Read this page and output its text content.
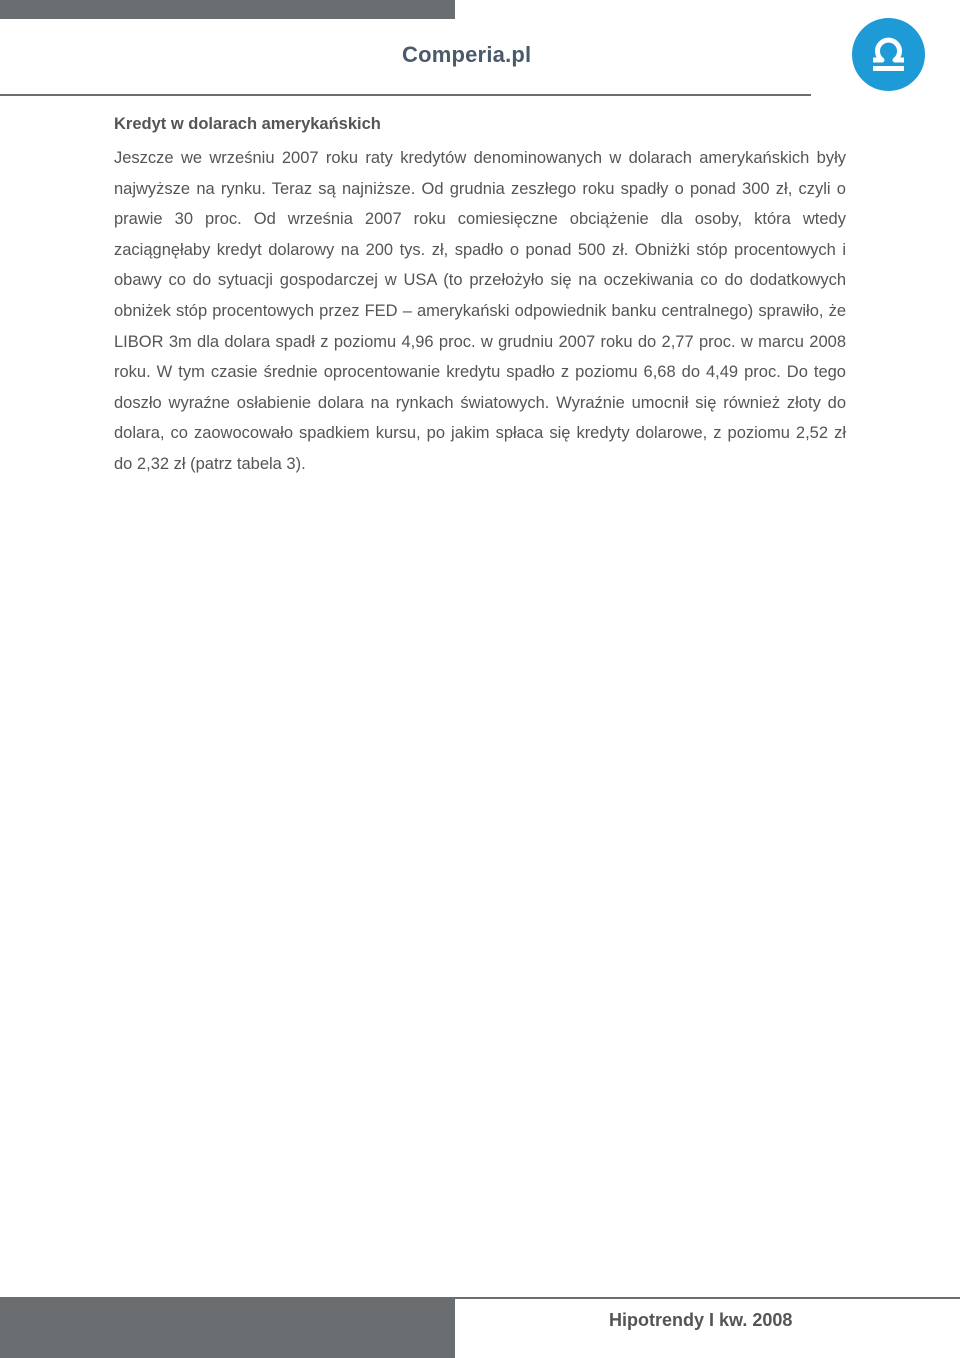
Comperia.pl
Kredyt w dolarach amerykańskich

Jeszcze we wrześniu 2007 roku raty kredytów denominowanych w dolarach amerykańskich były najwyższe na rynku. Teraz są najniższe. Od grudnia zeszłego roku spadły o ponad 300 zł, czyli o prawie 30 proc. Od września 2007 roku comiesięczne obciążenie dla osoby, która wtedy zaciągnęłaby kredyt dolarowy na 200 tys. zł, spadło o ponad 500 zł. Obniżki stóp procentowych i obawy co do sytuacji gospodarczej w USA (to przełożyło się na oczekiwania co do dodatkowych obniżek stóp procentowych przez FED – amerykański odpowiednik banku centralnego) sprawiło, że LIBOR 3m dla dolara spadł z poziomu 4,96 proc. w grudniu 2007 roku do 2,77 proc. w marcu 2008 roku. W tym czasie średnie oprocentowanie kredytu spadło z poziomu 6,68 do 4,49 proc. Do tego doszło wyraźne osłabienie dolara na rynkach światowych. Wyraźnie umocnił się również złoty do dolara, co zaowocowało spadkiem kursu, po jakim spłaca się kredyty dolarowe, z poziomu 2,52 zł do 2,32 zł (patrz tabela 3).

Hipotrendy I kw. 2008
